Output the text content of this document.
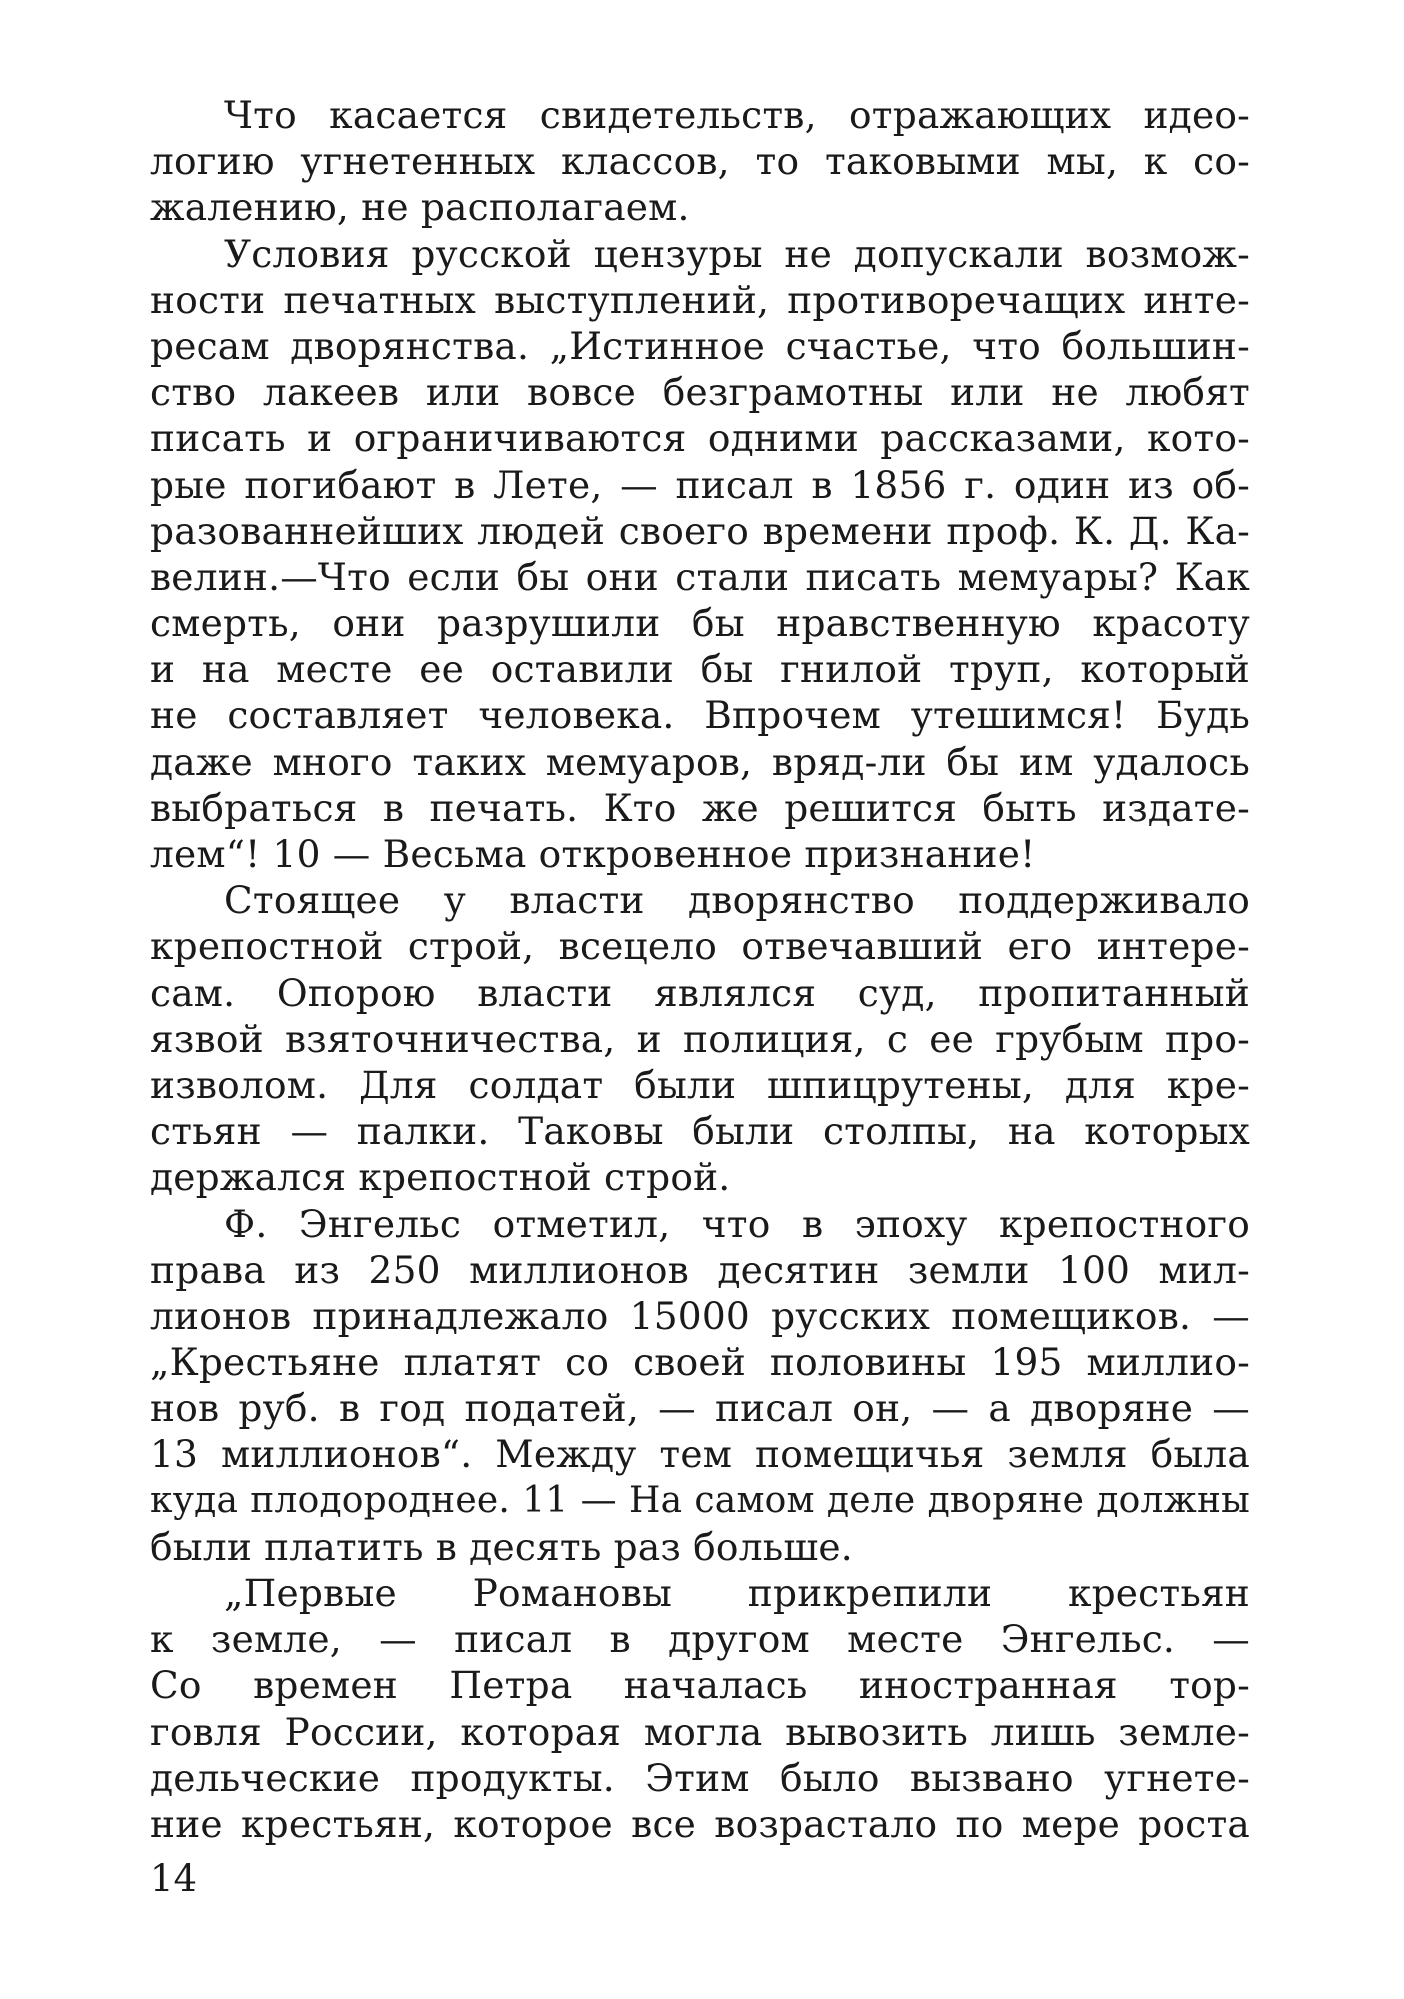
Что касается свидетельств, отражающих идео-
логию угнетенных классов, то таковыми мы, к со-
жалению, не располагаем.
Условия русской цензуры не допускали возмож-
ности печатных выступлений, противоречащих инте-
ресам дворянства. „Истинное счастье, что большин-
ство лакеев или вовсе безграмотны или не любят
писать и ограничиваются одними рассказами, кото-
рые погибают в Лете, — писал в 1856 г. один из об-
разованнейших людей своего времени проф. К. Д. Ка-
велин.—Что если бы они стали писать мемуары? Как
смерть, они разрушили бы нравственную красоту
и на месте ее оставили бы гнилой труп, который
не составляет человека. Впрочем утешимся! Будь
даже много таких мемуаров, вряд-ли бы им удалось
выбраться в печать. Кто же решится быть издате-
лем“! 10 — Весьма откровенное признание!
Стоящее у власти дворянство поддерживало
крепостной строй, всецело отвечавший его интере-
сам. Опорою власти являлся суд, пропитанный
язвой взяточничества, и полиция, с ее грубым про-
изволом. Для солдат были шпицрутены, для кре-
стьян — палки. Таковы были столпы, на которых
держался крепостной строй.
Ф. Энгельс отметил, что в эпоху крепостного
права из 250 миллионов десятин земли 100 мил-
лионов принадлежало 15000 русских помещиков. —
„Крестьяне платят со своей половины 195 миллио-
нов руб. в год податей, — писал он, — а дворяне —
13 миллионов“. Между тем помещичья земля была
куда плодороднее. 11 — На самом деле дворяне должны
были платить в десять раз больше.
„Первые Романовы прикрепили крестьян
к земле, — писал в другом месте Энгельс. —
Со времен Петра началась иностранная тор-
говля России, которая могла вывозить лишь земле-
дельческие продукты. Этим было вызвано угнете-
ние крестьян, которое все возрастало по мере роста
14
